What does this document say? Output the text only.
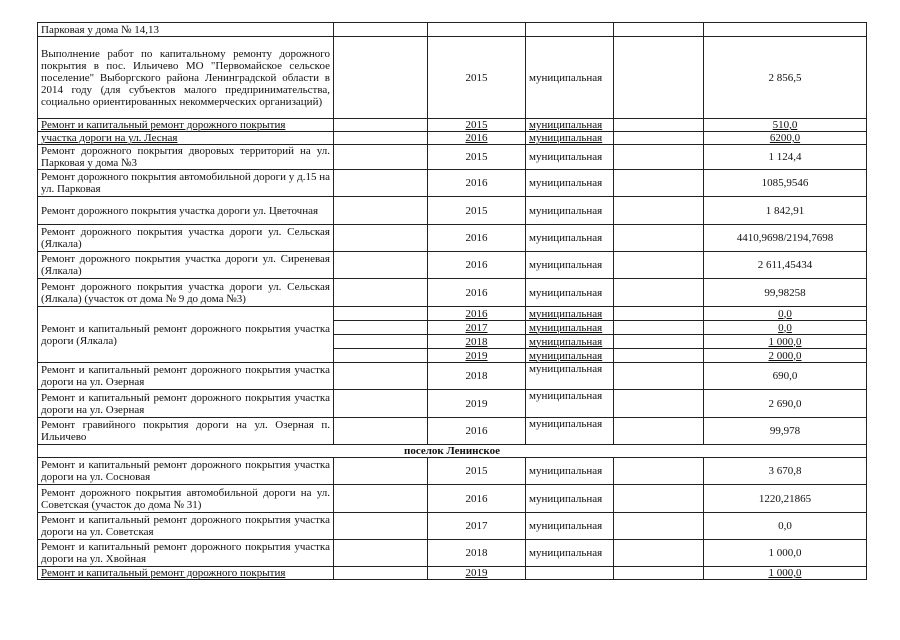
Парковая у дома № 14,13					
Выполнение работ по капитальному ремонту дорожного покрытия в пос. Ильичево МО "Первомайское сельское поселение" Выборгского района Ленинградской области в 2014 году (для субъектов малого предпринимательства, социально ориентированных некоммерческих организаций)		2015	муниципальная		2 856,5
Ремонт и капитальный ремонт дорожного покрытия		2015	муниципальная		510,0
участка дороги на ул. Лесная		2016	муниципальная		6200,0
Ремонт дорожного покрытия дворовых территорий на ул. Парковая у дома №3		2015	муниципальная		1 124,4
Ремонт дорожного покрытия автомобильной дороги у д.15 на ул. Парковая		2016	муниципальная		1085,9546
Ремонт дорожного покрытия участка дороги ул. Цветочная		2015	муниципальная		1 842,91
Ремонт дорожного покрытия участка дороги ул. Сельская (Ялкала)		2016	муниципальная		4410,9698/2194,7698
Ремонт дорожного покрытия участка дороги ул. Сиреневая (Ялкала)		2016	муниципальная		2 611,45434
Ремонт дорожного покрытия участка дороги ул. Сельская (Ялкала) (участок от дома № 9 до дома №3)		2016	муниципальная		99,98258
Ремонт и капитальный ремонт дорожного покрытия участка дороги (Ялкала)		2016	муниципальная		0,0
		2017	муниципальная		0,0
		2018	муниципальная		1 000,0
		2019	муниципальная		2 000,0
Ремонт и капитальный ремонт дорожного покрытия участка дороги на ул. Озерная		2018	муниципальная		690,0
Ремонт и капитальный ремонт дорожного покрытия участка дороги на ул. Озерная		2019	муниципальная		2 690,0
Ремонт гравийного покрытия дороги на ул. Озерная п. Ильичево		2016	муниципальная		99,978
поселок Ленинское					
Ремонт и капитальный ремонт дорожного покрытия участка дороги на ул. Сосновая		2015	муниципальная		3 670,8
Ремонт дорожного покрытия автомобильной дороги на ул. Советская (участок до дома № 31)		2016	муниципальная		1220,21865
Ремонт и капитальный ремонт дорожного покрытия участка дороги на ул. Советская		2017	муниципальная		0,0
Ремонт и капитальный ремонт дорожного покрытия участка дороги на ул. Хвойная		2018	муниципальная		1 000,0
Ремонт и капитальный ремонт дорожного покрытия		2019			1 000,0
